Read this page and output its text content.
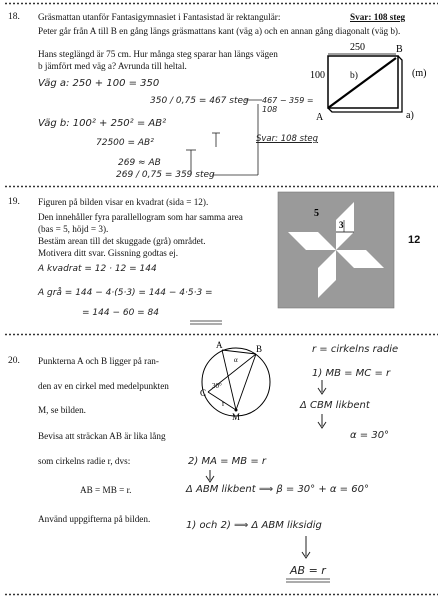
18. Gräsmattan utanför Fantasigymnasiet i Fantasistad är rektangulär:	Svar: 108 steg
Peter går från A till B en gång längs gräsmattans kant (väg a) och en annan gång diagonalt (väg b).
Hans steglängd är 75 cm. Hur många steg sparar han längs vägen
b jämfört med väg a? Avrunda till heltal.
250
100
B
(m)
b)
a)
A
Väg a: 250 + 100 = 350
350 / 0,75 = 467 steg
Väg b: 100² + 250² = AB²
72500 = AB²
269 ≈ AB
269 / 0,75 = 359 steg
467 − 359 = 108
Svar: 108 steg
19. Figuren på bilden visar en kvadrat (sida = 12).
Den innehåller fyra parallellogram som har samma area
(bas = 5, höjd = 3).
Bestäm arean till det skuggade (grå) området.
Motivera ditt svar. Gissning godtas ej.
5
3
12
A kvadrat = 12 · 12 = 144
A grå = 144 − 4·(5·3) = 144 − 4·5·3 =
= 144 − 60 = 84
20. Punkterna A och B ligger på ran-
den av en cirkel med medelpunkten
M, se bilden.
Bevisa att sträckan AB är lika lång
som cirkelns radie r, dvs:
AB = MB = r.
Använd uppgifterna på bilden.
A	B
C
M
r
30°
α
r = cirkelns radie
1) MB = MC = r
Δ CBM likbent
α = 30°
2) MA = MB = r
Δ ABM likbent ⟹ β = 30° + α = 60°
1) och 2) ⟹ Δ ABM liksidig
AB = r
